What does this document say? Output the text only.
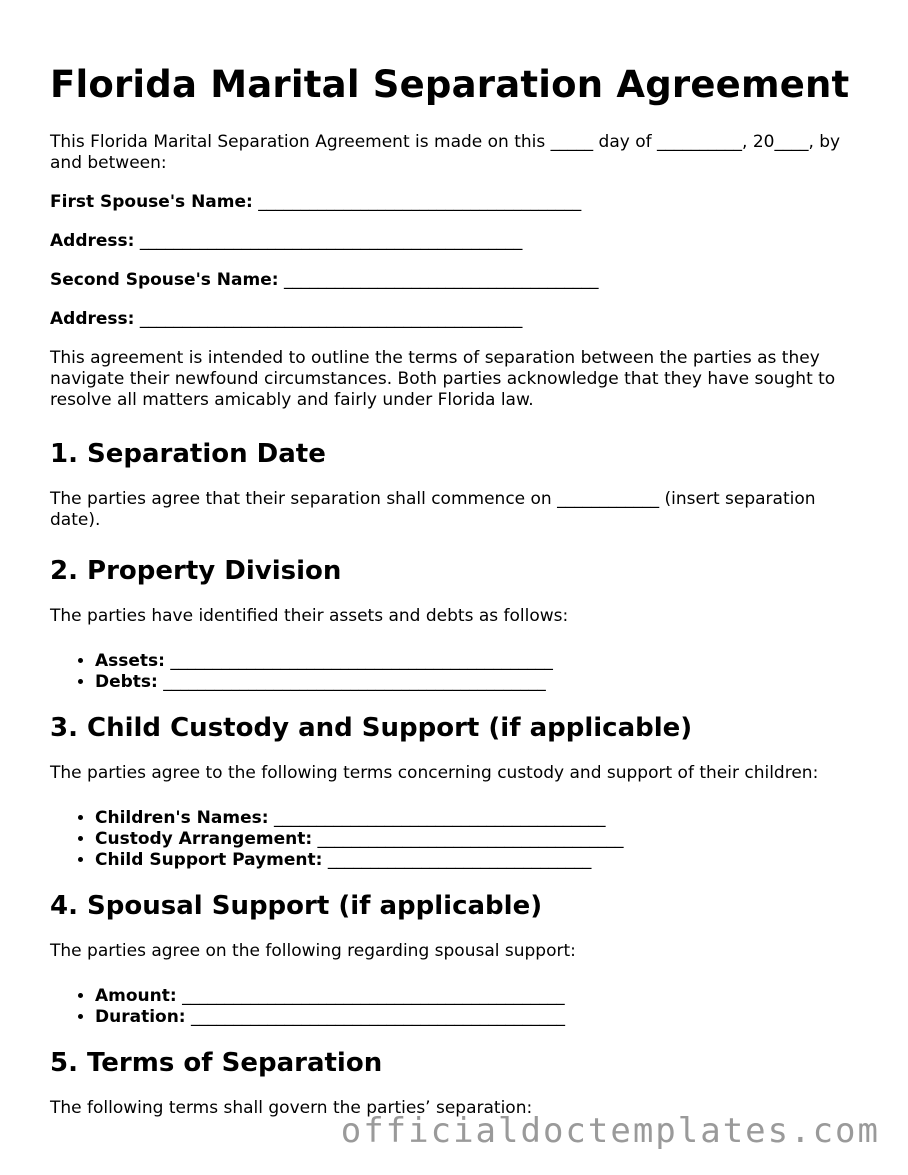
Florida Marital Separation Agreement

This Florida Marital Separation Agreement is made on this _____ day of __________, 20____, by and between:

First Spouse's Name: ______________________________________
Address: _____________________________________________
Second Spouse's Name: _____________________________________
Address: _____________________________________________

This agreement is intended to outline the terms of separation between the parties as they navigate their newfound circumstances. Both parties acknowledge that they have sought to resolve all matters amicably and fairly under Florida law.

1. Separation Date

The parties agree that their separation shall commence on ____________ (insert separation date).

2. Property Division

The parties have identified their assets and debts as follows:

• Assets: _____________________________________________
• Debts: _____________________________________________
3. Child Custody and Support (if applicable)

The parties agree to the following terms concerning custody and support of their children:

• Children's Names: _______________________________________
• Custody Arrangement: ____________________________________
• Child Support Payment: _______________________________
4. Spousal Support (if applicable)

The parties agree on the following regarding spousal support:

• Amount: _____________________________________________
• Duration: ____________________________________________
5. Terms of Separation

The following terms shall govern the parties’ separation:

officialdoctemplates.com
